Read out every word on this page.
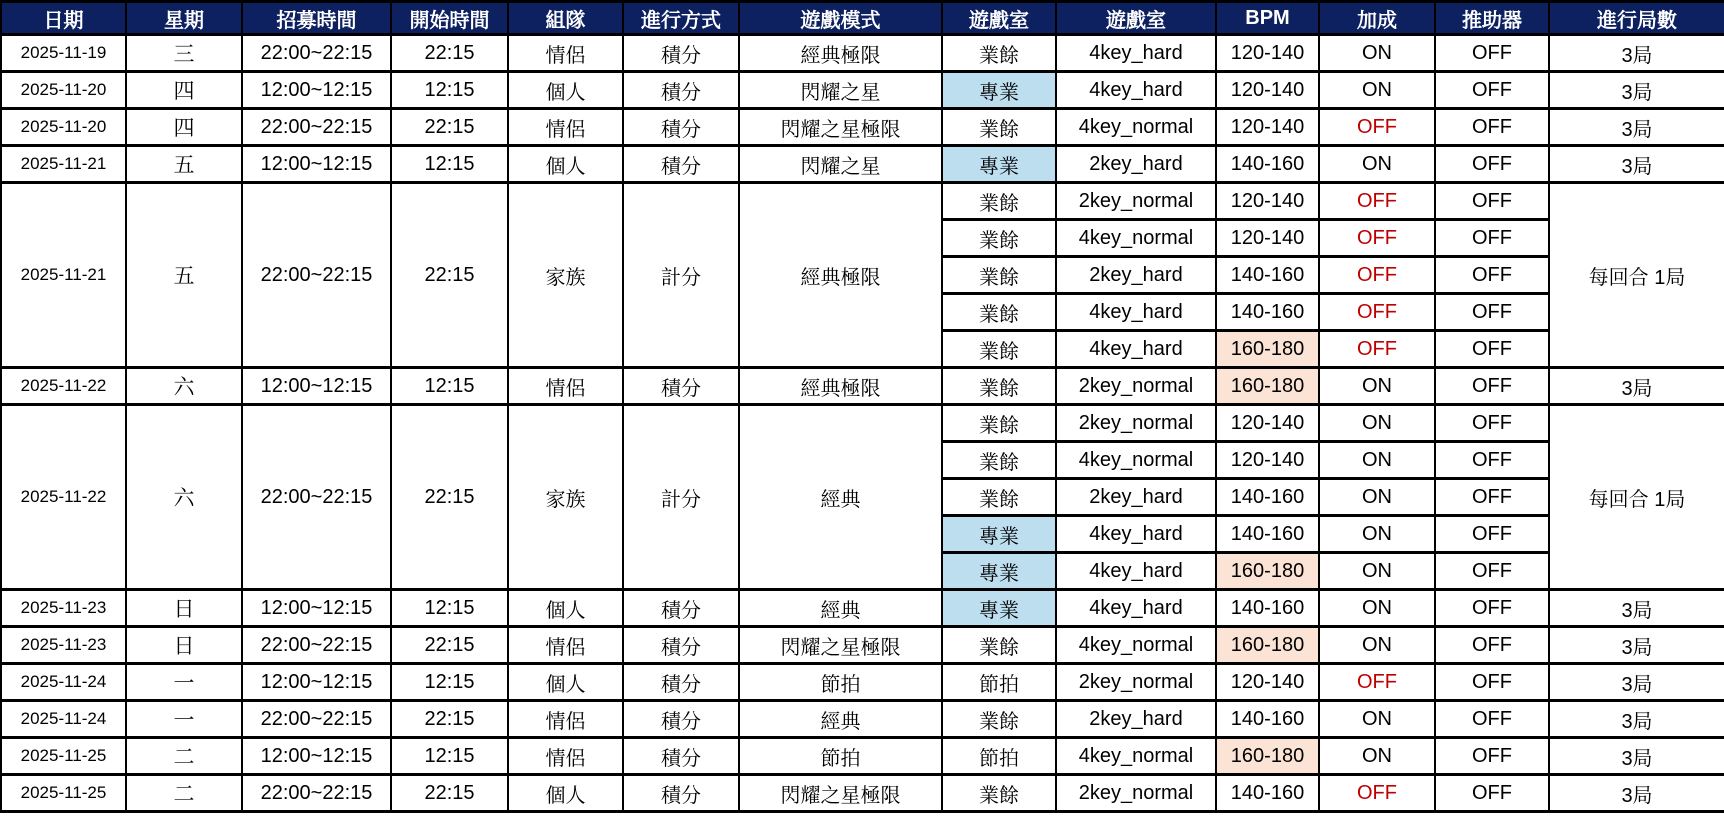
日期	星期	招募時間	開始時間	組隊	進行方式	遊戲模式	遊戲室	遊戲室	BPM	加成	推助器	進行局數
2025-11-19	三	22:00~22:15	22:15	情侶	積分	經典極限	業餘	4key_hard	120-140	ON	OFF	3局
2025-11-20	四	12:00~12:15	12:15	個人	積分	閃耀之星	專業	4key_hard	120-140	ON	OFF	3局
2025-11-20	四	22:00~22:15	22:15	情侶	積分	閃耀之星極限	業餘	4key_normal	120-140	OFF	OFF	3局
2025-11-21	五	12:00~12:15	12:15	個人	積分	閃耀之星	專業	2key_hard	140-160	ON	OFF	3局
2025-11-21	五	22:00~22:15	22:15	家族	計分	經典極限	業餘	2key_normal	120-140	OFF	OFF	每回合 1局
							業餘	4key_normal	120-140	OFF	OFF	
							業餘	2key_hard	140-160	OFF	OFF	
							業餘	4key_hard	140-160	OFF	OFF	
							業餘	4key_hard	160-180	OFF	OFF	
2025-11-22	六	12:00~12:15	12:15	情侶	積分	經典極限	業餘	2key_normal	160-180	ON	OFF	3局
2025-11-22	六	22:00~22:15	22:15	家族	計分	經典	業餘	2key_normal	120-140	ON	OFF	每回合 1局
							業餘	4key_normal	120-140	ON	OFF	
							業餘	2key_hard	140-160	ON	OFF	
							專業	4key_hard	140-160	ON	OFF	
							專業	4key_hard	160-180	ON	OFF	
2025-11-23	日	12:00~12:15	12:15	個人	積分	經典	專業	4key_hard	140-160	ON	OFF	3局
2025-11-23	日	22:00~22:15	22:15	情侶	積分	閃耀之星極限	業餘	4key_normal	160-180	ON	OFF	3局
2025-11-24	一	12:00~12:15	12:15	個人	積分	節拍	節拍	2key_normal	120-140	OFF	OFF	3局
2025-11-24	一	22:00~22:15	22:15	情侶	積分	經典	業餘	2key_hard	140-160	ON	OFF	3局
2025-11-25	二	12:00~12:15	12:15	情侶	積分	節拍	節拍	4key_normal	160-180	ON	OFF	3局
2025-11-25	二	22:00~22:15	22:15	個人	積分	閃耀之星極限	業餘	2key_normal	140-160	OFF	OFF	3局
